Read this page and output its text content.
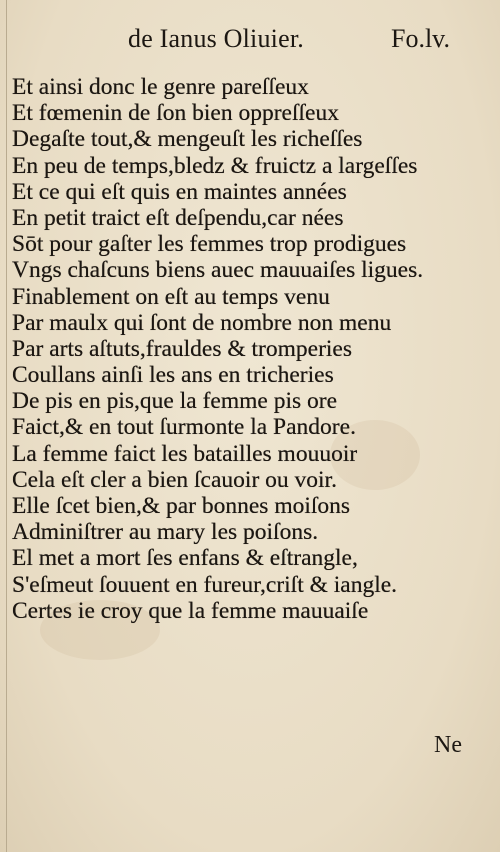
de Ianus Oliuier.	Fo.lv.
Et ainsi donc le genre pareſſeux
Et fœmenin de ſon bien oppreſſeux
Degaſte tout,& mengeuſt les richeſſes
En peu de temps,bledz & fruictz a largeſſes
Et ce qui eſt quis en maintes années
En petit traict eſt deſpendu,car nées
Sōt pour gaſter les femmes trop prodigues
Vngs chaſcuns biens auec mauuaiſes ligues.
Finablement on eſt au temps venu
Par maulx qui ſont de nombre non menu
Par arts aſtuts,frauldes & tromperies
Coullans ainſi les ans en tricheries
De pis en pis,que la femme pis ore
Faict,& en tout ſurmonte la Pandore.
La femme faict les batailles mouuoir
Cela eſt cler a bien ſcauoir ou voir.
Elle ſcet bien,& par bonnes moiſons
Adminiſtrer au mary les poiſons.
El met a mort ſes enfans & eſtrangle,
S'eſmeut ſouuent en fureur,criſt & iangle.
Certes ie croy que la femme mauuaiſe
Ne
